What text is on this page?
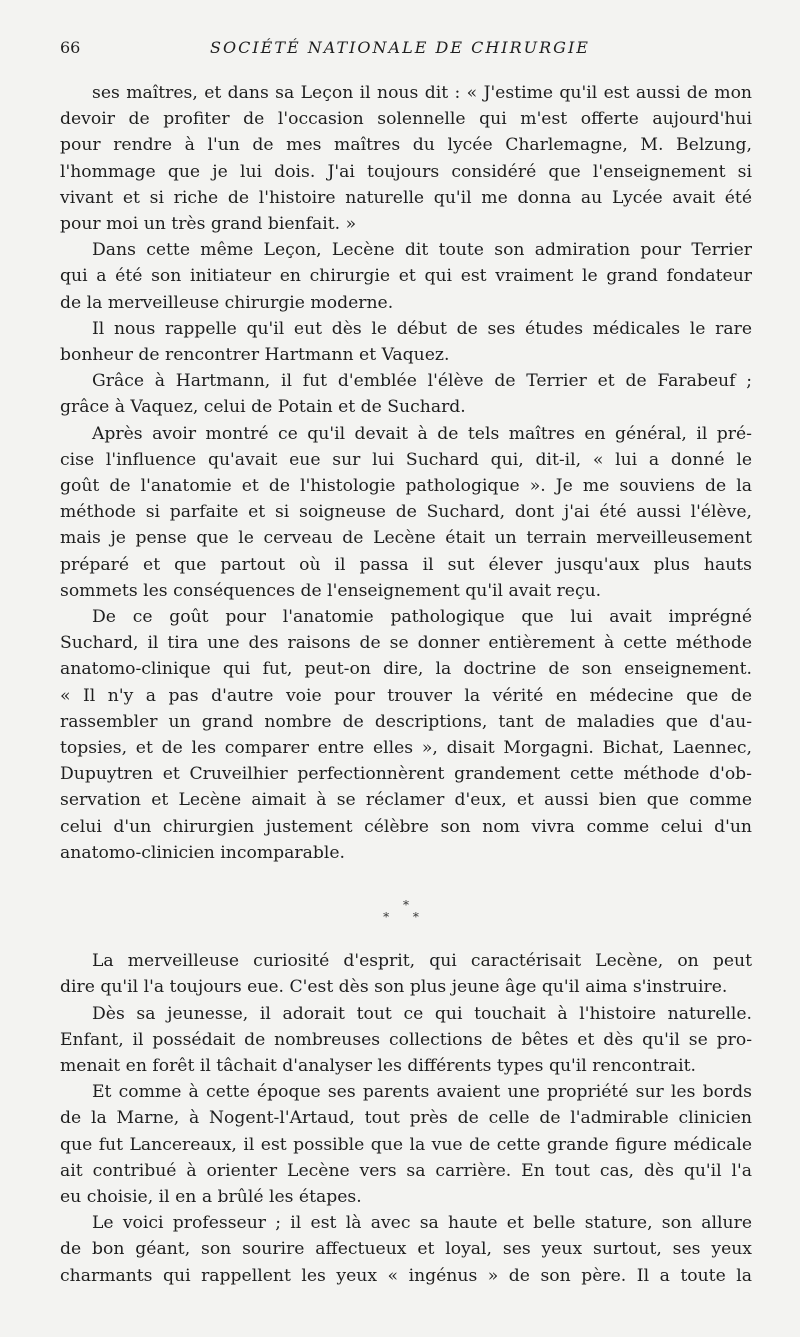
66	SOCIÉTÉ NATIONALE DE CHIRURGIE
ses maîtres, et dans sa Leçon il nous dit : « J'estime qu'il est aussi de mon
devoir de profiter de l'occasion solennelle qui m'est offerte aujourd'hui
pour rendre à l'un de mes maîtres du lycée Charlemagne, M. Belzung,
l'hommage que je lui dois. J'ai toujours considéré que l'enseignement si
vivant et si riche de l'histoire naturelle qu'il me donna au Lycée avait été
pour moi un très grand bienfait. »
Dans cette même Leçon, Lecène dit toute son admiration pour Terrier
qui a été son initiateur en chirurgie et qui est vraiment le grand fondateur
de la merveilleuse chirurgie moderne.
Il nous rappelle qu'il eut dès le début de ses études médicales le rare
bonheur de rencontrer Hartmann et Vaquez.
Grâce à Hartmann, il fut d'emblée l'élève de Terrier et de Farabeuf ;
grâce à Vaquez, celui de Potain et de Suchard.
Après avoir montré ce qu'il devait à de tels maîtres en général, il pré-
cise l'influence qu'avait eue sur lui Suchard qui, dit-il, « lui a donné le
goût de l'anatomie et de l'histologie pathologique ». Je me souviens de la
méthode si parfaite et si soigneuse de Suchard, dont j'ai été aussi l'élève,
mais je pense que le cerveau de Lecène était un terrain merveilleusement
préparé et que partout où il passa il sut élever jusqu'aux plus hauts
sommets les conséquences de l'enseignement qu'il avait reçu.
De ce goût pour l'anatomie pathologique que lui avait imprégné
Suchard, il tira une des raisons de se donner entièrement à cette méthode
anatomo-clinique qui fut, peut-on dire, la doctrine de son enseignement.
« Il n'y a pas d'autre voie pour trouver la vérité en médecine que de
rassembler un grand nombre de descriptions, tant de maladies que d'au-
topsies, et de les comparer entre elles », disait Morgagni. Bichat, Laennec,
Dupuytren et Cruveilhier perfectionnèrent grandement cette méthode d'ob-
servation et Lecène aimait à se réclamer d'eux, et aussi bien que comme
celui d'un chirurgien justement célèbre son nom vivra comme celui d'un
anatomo-clinicien incomparable.
*
* *
La merveilleuse curiosité d'esprit, qui caractérisait Lecène, on peut
dire qu'il l'a toujours eue. C'est dès son plus jeune âge qu'il aima s'instruire.
Dès sa jeunesse, il adorait tout ce qui touchait à l'histoire naturelle.
Enfant, il possédait de nombreuses collections de bêtes et dès qu'il se pro-
menait en forêt il tâchait d'analyser les différents types qu'il rencontrait.
Et comme à cette époque ses parents avaient une propriété sur les bords
de la Marne, à Nogent-l'Artaud, tout près de celle de l'admirable clinicien
que fut Lancereaux, il est possible que la vue de cette grande figure médicale
ait contribué à orienter Lecène vers sa carrière. En tout cas, dès qu'il l'a
eu choisie, il en a brûlé les étapes.
Le voici professeur ; il est là avec sa haute et belle stature, son allure
de bon géant, son sourire affectueux et loyal, ses yeux surtout, ses yeux
charmants qui rappellent les yeux « ingénus » de son père. Il a toute la
